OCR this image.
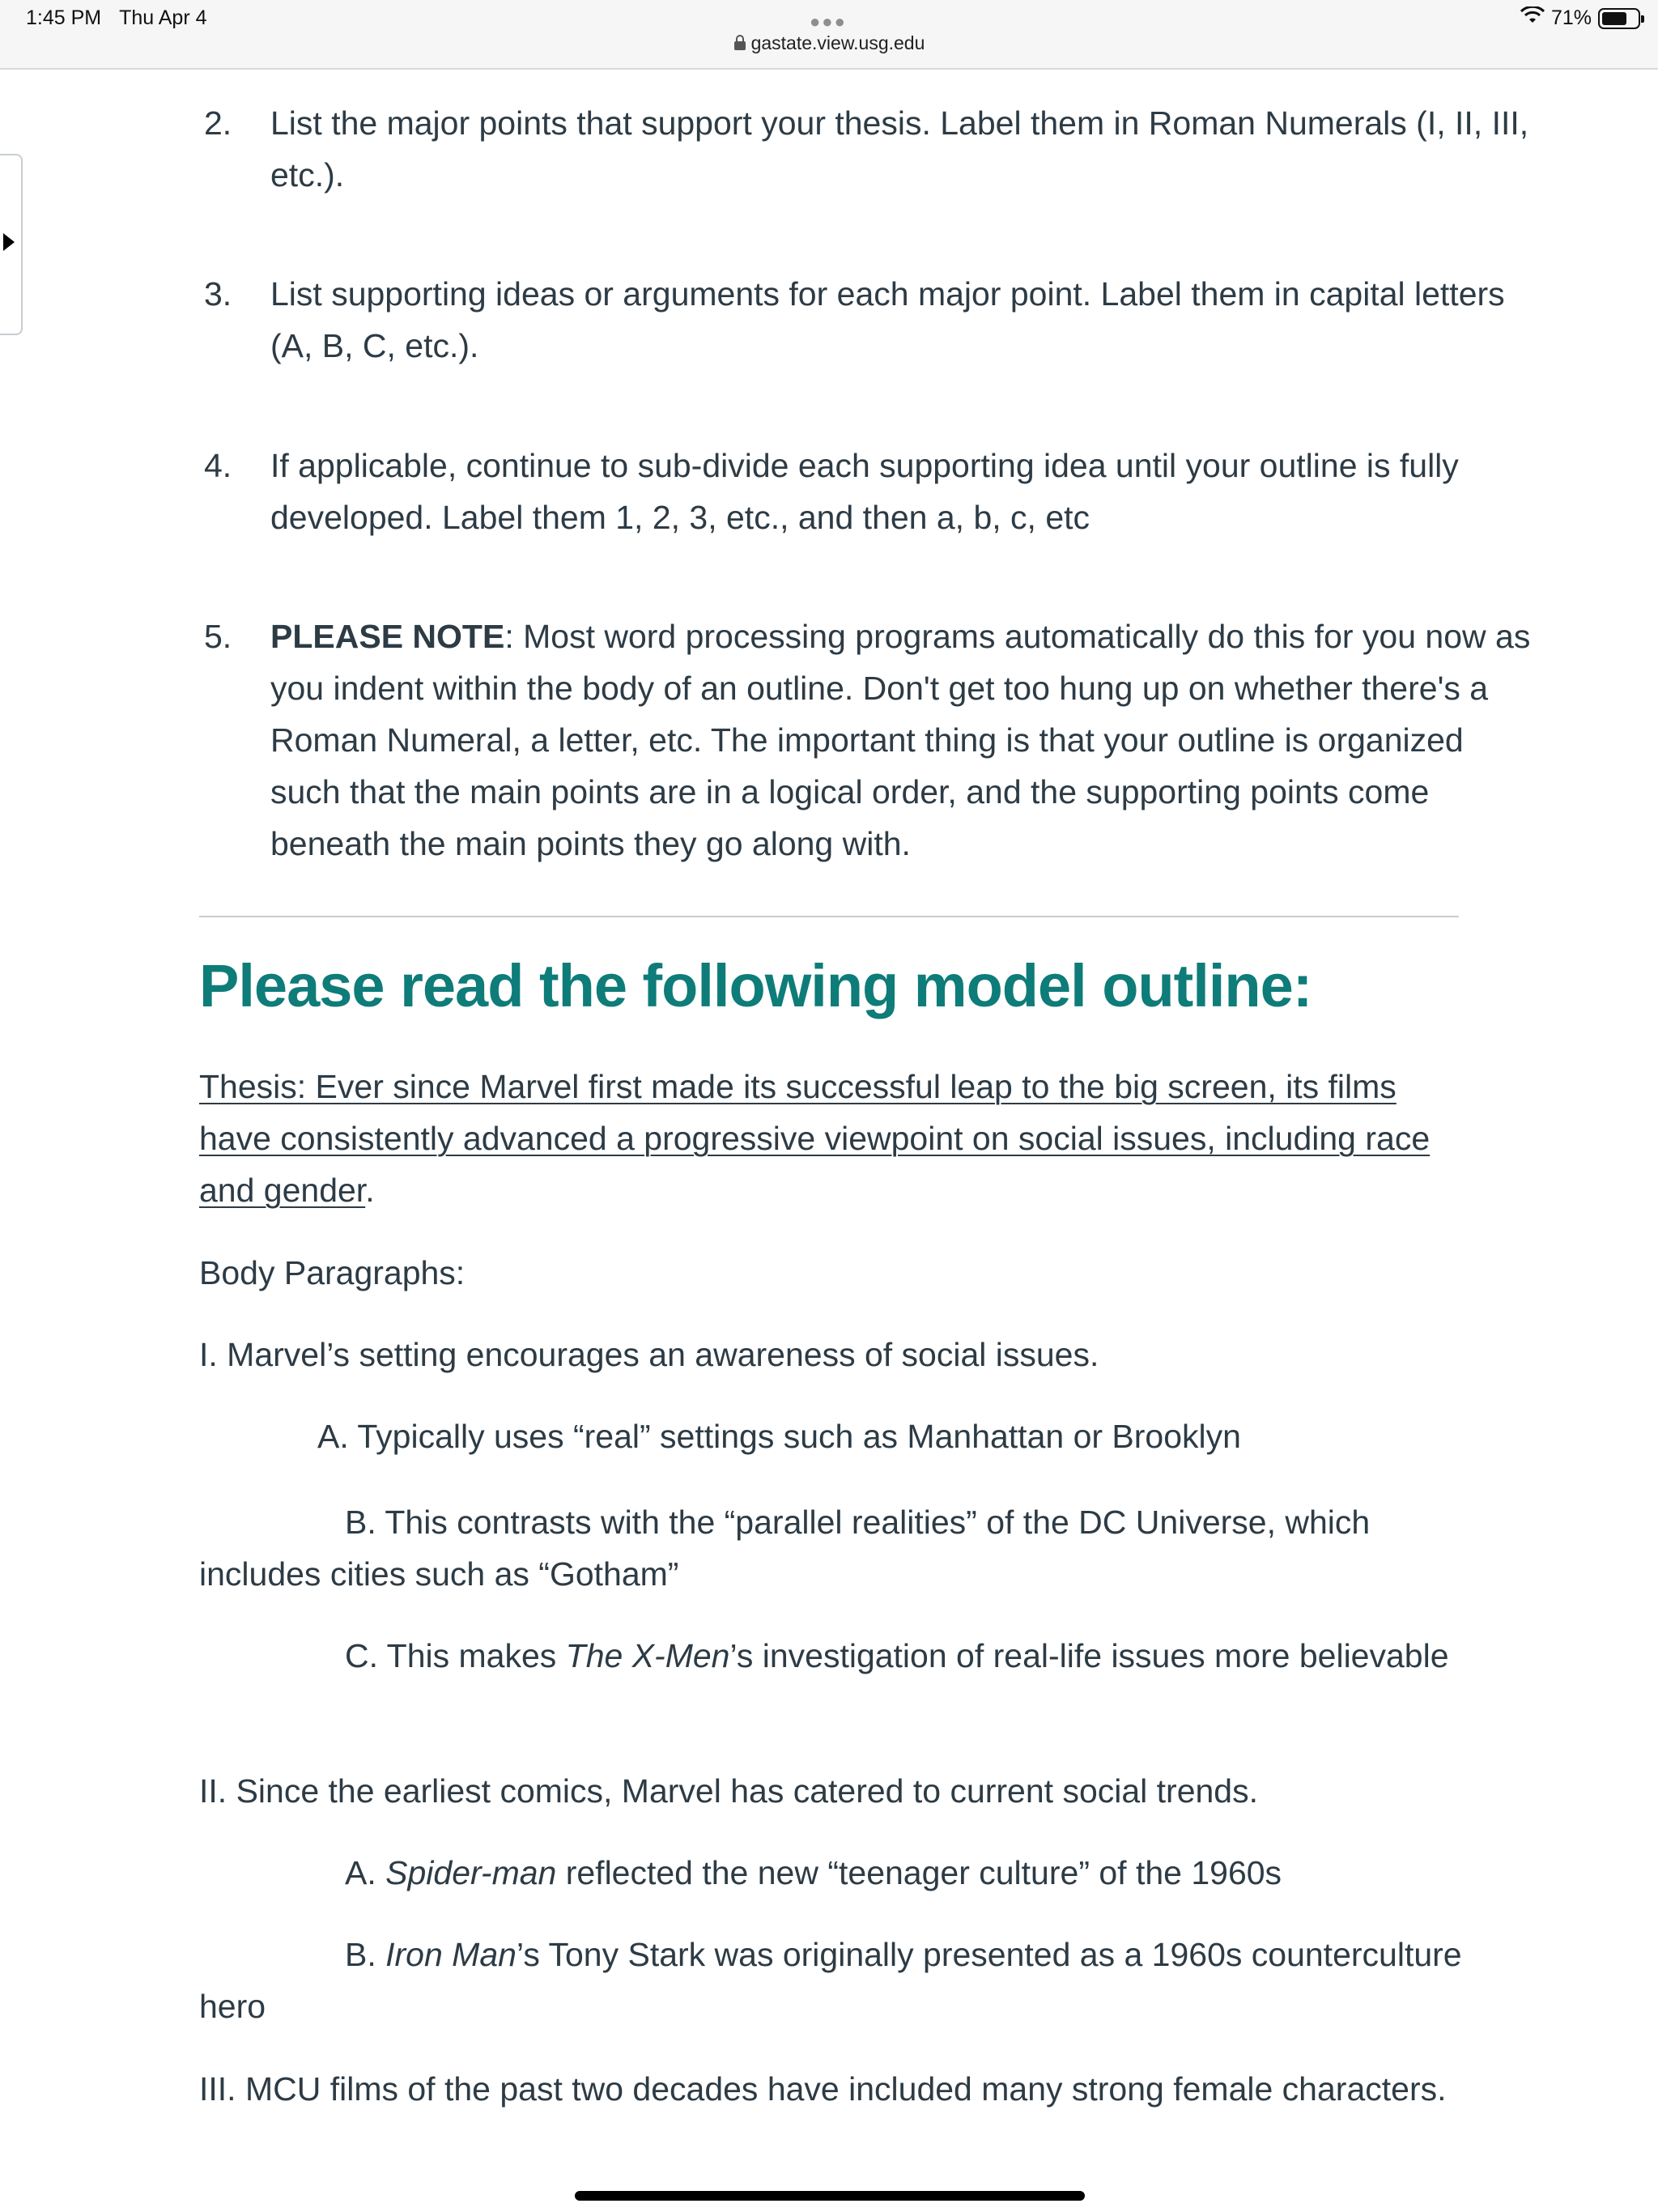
1:45 PM Thu Apr 4	●●●
gastate.view.usg.edu
71%
2. List the major points that support your thesis. Label them in Roman Numerals (I, II, III, etc.).
3. List supporting ideas or arguments for each major point. Label them in capital letters (A, B, C, etc.).
4. If applicable, continue to sub-divide each supporting idea until your outline is fully developed. Label them 1, 2, 3, etc., and then a, b, c, etc
5. PLEASE NOTE: Most word processing programs automatically do this for you now as you indent within the body of an outline. Don't get too hung up on whether there's a Roman Numeral, a letter, etc. The important thing is that your outline is organized such that the main points are in a logical order, and the supporting points come beneath the main points they go along with.
Please read the following model outline:
Thesis: Ever since Marvel first made its successful leap to the big screen, its films have consistently advanced a progressive viewpoint on social issues, including race and gender.
Body Paragraphs:
I. Marvel’s setting encourages an awareness of social issues.
A. Typically uses “real” settings such as Manhattan or Brooklyn
B. This contrasts with the “parallel realities” of the DC Universe, which includes cities such as “Gotham”
C. This makes The X-Men’s investigation of real-life issues more believable
II. Since the earliest comics, Marvel has catered to current social trends.
A. Spider-man reflected the new “teenager culture” of the 1960s
B. Iron Man’s Tony Stark was originally presented as a 1960s counterculture hero
III. MCU films of the past two decades have included many strong female characters.
